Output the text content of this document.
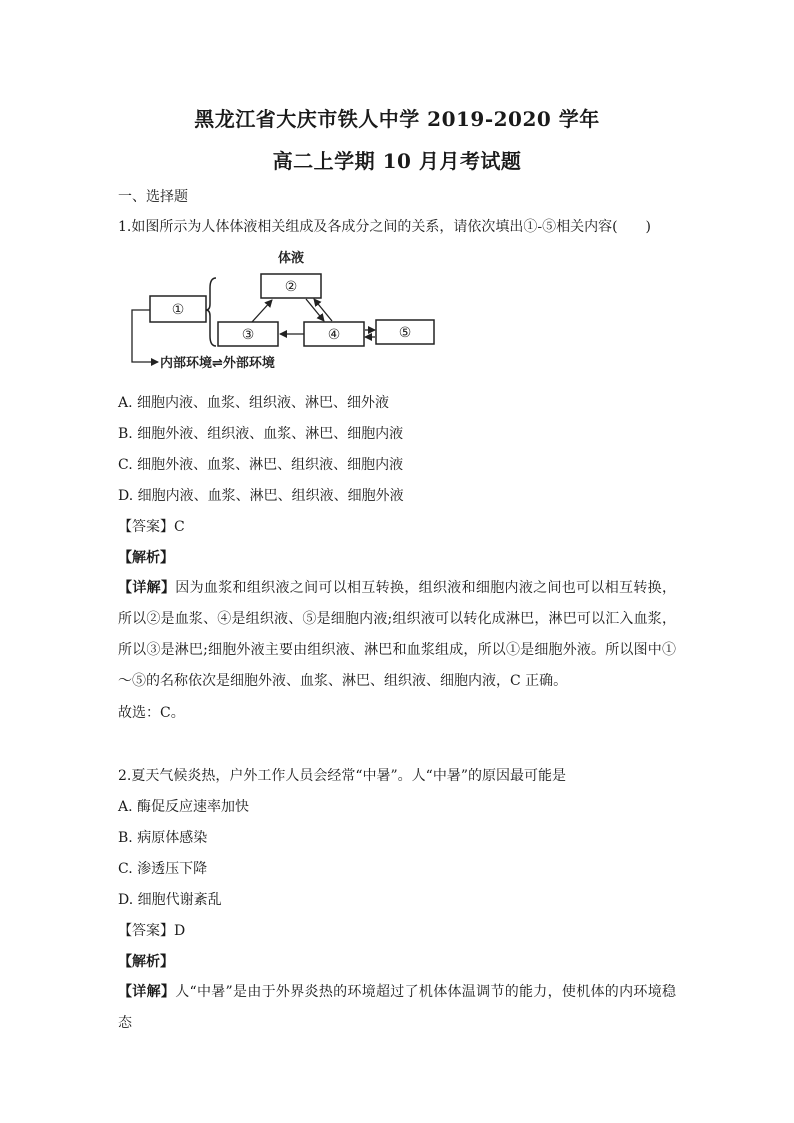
黑龙江省大庆市铁人中学 2019-2020 学年
高二上学期 10 月月考试题
一、选择题
1.如图所示为人体体液相关组成及各成分之间的关系，请依次填出①-⑤相关内容(　　)
体液
①
②
③	④	⑤
内部环境⇌外部环境
A. 细胞内液、血浆、组织液、淋巴、细外液
B. 细胞外液、组织液、血浆、淋巴、细胞内液
C. 细胞外液、血浆、淋巴、组织液、细胞内液
D. 细胞内液、血浆、淋巴、组织液、细胞外液
【答案】C
【解析】
【详解】因为血浆和组织液之间可以相互转换，组织液和细胞内液之间也可以相互转换，所以②是血浆、④是组织液、⑤是细胞内液;组织液可以转化成淋巴，淋巴可以汇入血浆，所以③是淋巴;细胞外液主要由组织液、淋巴和血浆组成，所以①是细胞外液。所以图中①～⑤的名称依次是细胞外液、血浆、淋巴、组织液、细胞内液，C 正确。
故选：C。
2.夏天气候炎热，户外工作人员会经常“中暑”。人“中暑”的原因最可能是
A. 酶促反应速率加快
B. 病原体感染
C. 渗透压下降
D. 细胞代谢紊乱
【答案】D
【解析】
【详解】人“中暑”是由于外界炎热的环境超过了机体体温调节的能力，使机体的内环境稳态
